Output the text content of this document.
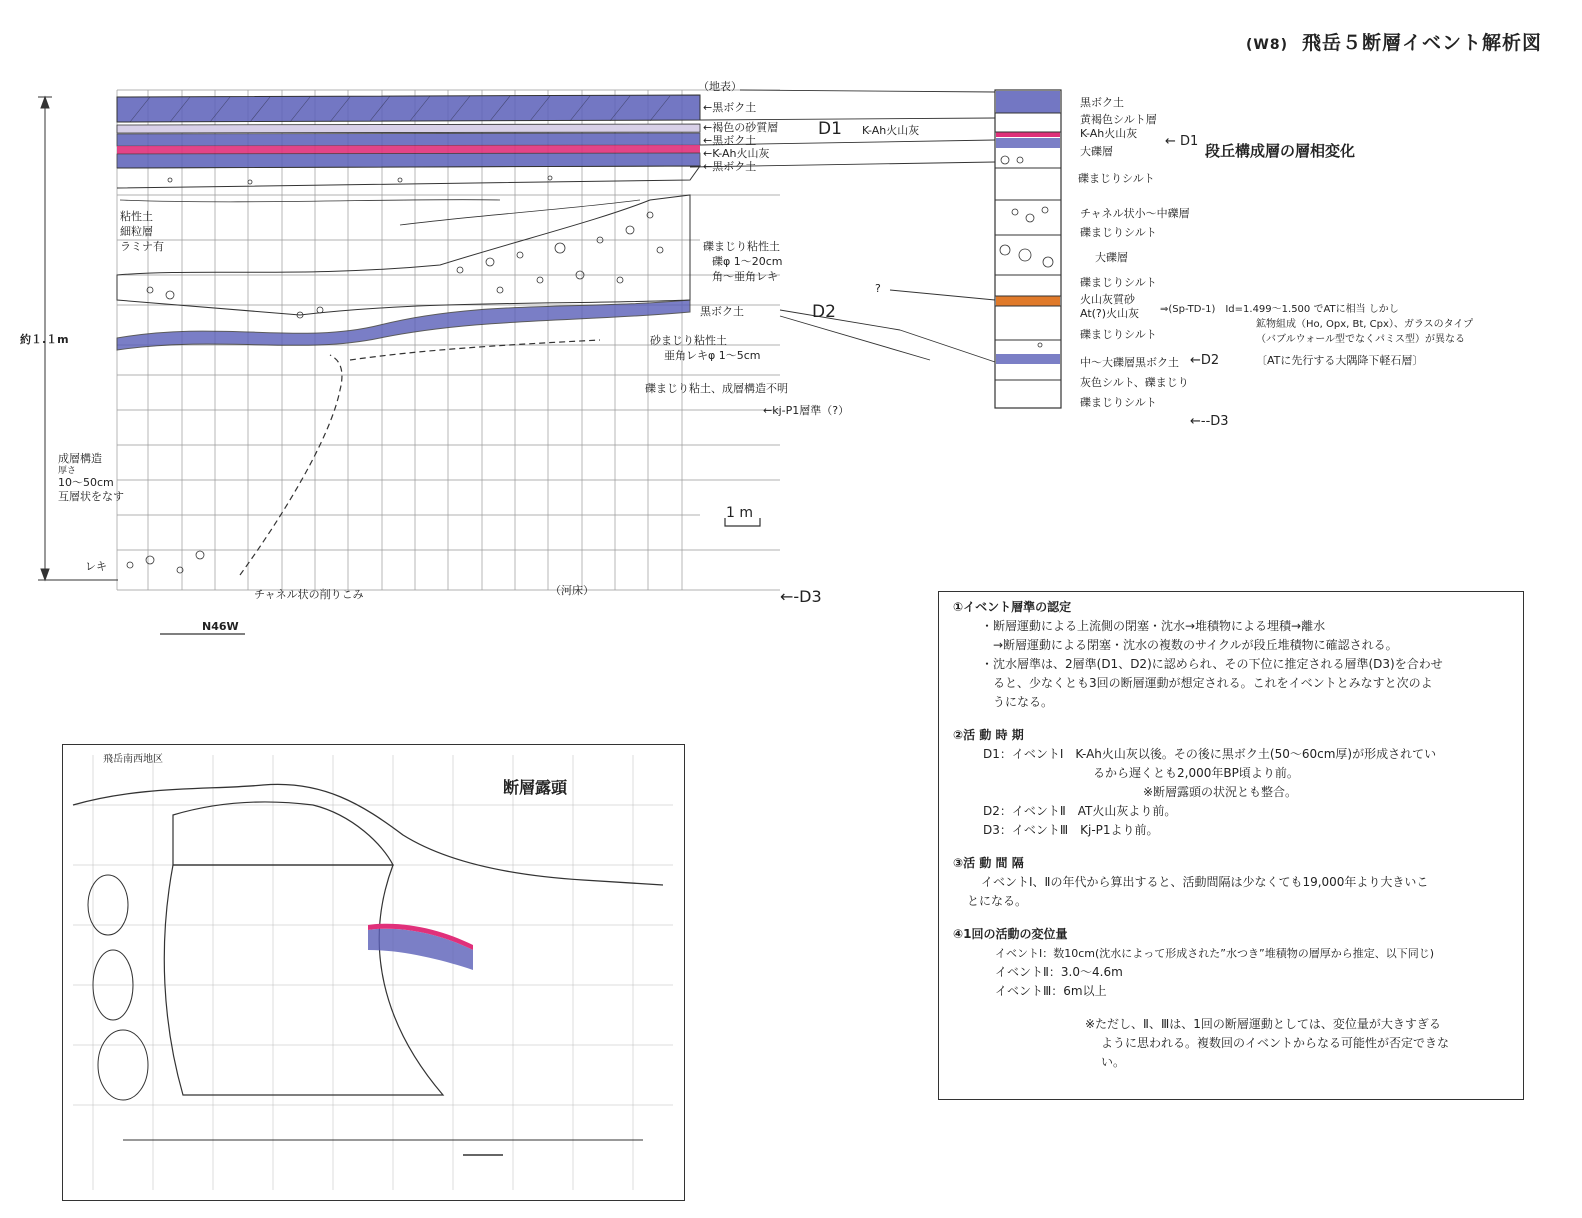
(W8) 飛岳５断層イベント解析図
（地表）
←黒ボク土
←褐色の砂質層 D1 K-Ah火山灰
←黒ボク土
←K-Ah火山灰
←黒ボク土
粘性土
細粒層
ラミナ有	礫まじり粘性土
礫φ 1～20cm
角～亜角レキ
黒ボク土	D2
砂まじり粘性土
亜角レキφ 1～5cm
礫まじり粘土、成層構造不明
←kj-P1層準（?）
成層構造
厚さ
10～50cm
互層状をなす
レキ
チャネル状の削りこみ	（河床）	←-D3
1 m
N46W
約１.１m
?
段丘構成層の層相変化
黒ボク土
黄褐色シルト層
K-Ah火山灰
大礫層
← D1
礫まじりシルト
チャネル状小～中礫層
礫まじりシルト
大礫層
礫まじりシルト
火山灰質砂
At(?)火山灰
礫まじりシルト
中～大礫層黒ボク土 ←D2
灰色シルト、礫まじり
礫まじりシルト
←--D3
⇒(Sp-TD-1)　Id=1.499～1.500 でATに相当 しかし
鉱物組成（Ho, Opx, Bt, Cpx）、ガラスのタイプ
（バブルウォール型でなくパミス型）が異なる
〔ATに先行する大隅降下軽石層〕

①イベント層準の認定

・断層運動による上流側の閉塞・沈水→堆積物による埋積→離水

→断層運動による閉塞・沈水の複数のサイクルが段丘堆積物に確認される。

・沈水層準は、2層準(D1、D2)に認められ、その下位に推定される層準(D3)を合わせ

ると、少なくとも3回の断層運動が想定される。これをイベントとみなすと次のよ

うになる。

②活 動 時 期

D1：イベントⅠ　K-Ah火山灰以後。その後に黒ボク土(50～60cm厚)が形成されてい

るから遅くとも2,000年BP頃より前。

※断層露頭の状況とも整合。

D2：イベントⅡ　AT火山灰より前。

D3：イベントⅢ　Kj-P1より前。

③活 動 間 隔

イベントⅠ、Ⅱの年代から算出すると、活動間隔は少なくても19,000年より大きいこ

とになる。

④1回の活動の変位量

イベントⅠ：数10cm(沈水によって形成された”水つき”堆積物の層厚から推定、以下同じ)

イベントⅡ：3.0～4.6m

イベントⅢ：6m以上

※ただし、Ⅱ、Ⅲは、1回の断層運動としては、変位量が大きすぎる

ように思われる。複数回のイベントからなる可能性が否定できな

い。

断層露頭
飛岳南西地区
